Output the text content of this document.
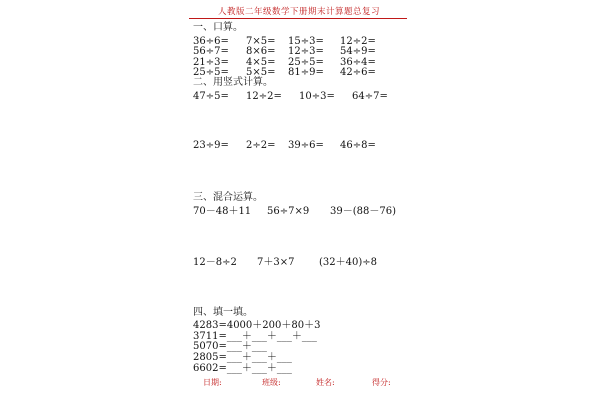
人教版二年级数学下册期末计算题总复习
一、口算。
36÷6= 7×5= 15÷3= 12÷2=
56÷7= 8×6= 12÷3= 54÷9=
21÷3= 4×5= 25÷5= 36÷4=
25÷5= 5×5= 81÷9= 42÷6=
二、用竖式计算。
47÷5= 12÷2= 10÷3= 64÷7=
23÷9= 2÷2= 39÷6= 46÷8=
三、混合运算。
70－48＋11 56÷7×9 39－(88－76)
12－8÷2 7＋3×7 (32＋40)÷8
四、填一填。
4283=4000＋200＋80＋3
3711=___＋___＋___＋___
5070=___＋___
2805=___＋___＋___
6602=___＋___＋___
日期:	班级:	姓名:	得分:
